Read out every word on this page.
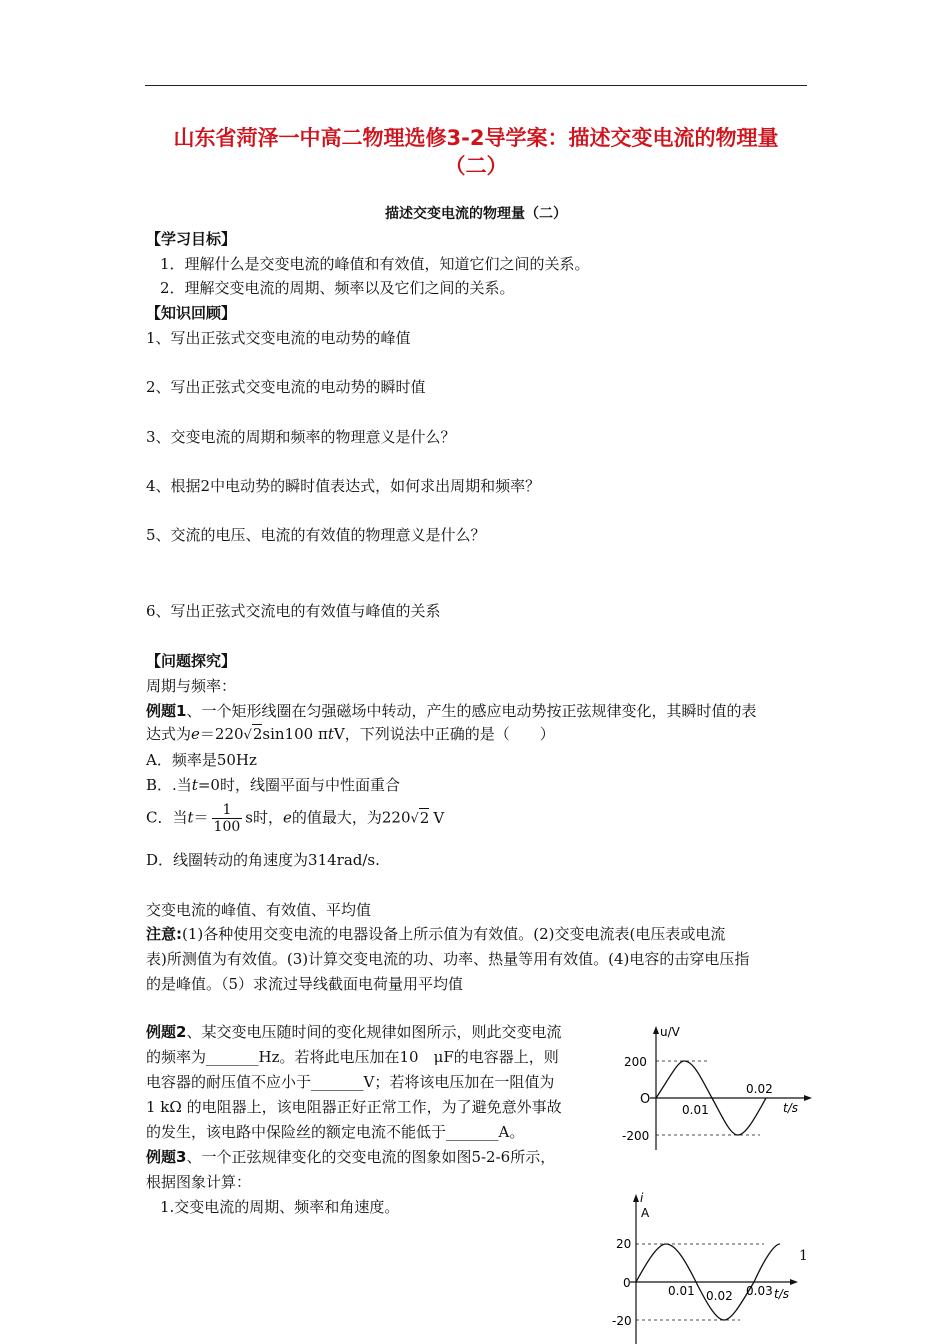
山东省菏泽一中高二物理选修3-2导学案：描述交变电流的物理量
（二）
描述交变电流的物理量（二）
【学习目标】
1．理解什么是交变电流的峰值和有效值，知道它们之间的关系。
2．理解交变电流的周期、频率以及它们之间的关系。
【知识回顾】
1、写出正弦式交变电流的电动势的峰值
2、写出正弦式交变电流的电动势的瞬时值
3、交变电流的周期和频率的物理意义是什么？
4、根据2中电动势的瞬时值表达式，如何求出周期和频率？
5、交流的电压、电流的有效值的物理意义是什么？
6、写出正弦式交流电的有效值与峰值的关系
【问题探究】
周期与频率：
例题1、一个矩形线圈在匀强磁场中转动，产生的感应电动势按正弦规律变化，其瞬时值的表
达式为e＝220√2sin100 πtV，下列说法中正确的是（　　）
A．频率是50Hz
B．.当t=0时，线圈平面与中性面重合
C．当$t= \frac{1}{100}$ s时，e的值最大，为220√2 V
D．线圈转动的角速度为314rad/s.
交变电流的峰值、有效值、平均值
注意:(1)各种使用交变电流的电器设备上所示值为有效值。(2)交变电流表(电压表或电流
表)所测值为有效值。(3)计算交变电流的功、功率、热量等用有效值。(4)电容的击穿电压指
的是峰值。（5）求流过导线截面电荷量用平均值
例题2、某交变电压随时间的变化规律如图所示，则此交变电流
的频率为_______Hz。若将此电压加在10　μF的电容器上，则
电容器的耐压值不应小于_______V；若将该电压加在一阻值为
1 kΩ 的电阻器上，该电阻器正好正常工作，为了避免意外事故
的发生，该电路中保险丝的额定电流不能低于_______A。
例题3、一个正弦规律变化的交变电流的图象如图5-2-6所示，
根据图象计算：
1.交变电流的周期、频率和角速度。
u/V
200
-200
O
0.01
0.02
t/s
i
A
20
-20
0
0.01 0.02 0.03 t/s
1
